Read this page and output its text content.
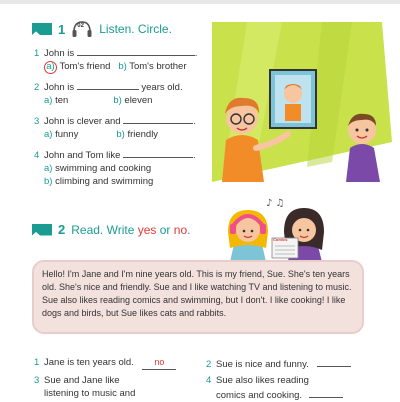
1 02 Listen. Circle.
1 John is	.
a) Tom's friend b) Tom's brother
2 John is	years old.
a) ten	b) eleven
3 John is clever and	.
a) funny	b) friendly
4 John and Tom like	.
a) swimming and cooking
b) climbing and swimming
2 Read. Write yes or no.
♪ ♫
Comics
Hello! I'm Jane and I'm nine years old. This is my friend, Sue. She's ten years old. She's nice and friendly. Sue and I like watching TV and listening to music. Sue also likes reading comics and swimming, but I don't. I like cooking! I like dogs and birds, but Sue likes cats and rabbits.
1 Jane is ten years old. no	2 Sue is nice and funny.
3 Sue and Jane like
listening to music and
4 Sue also likes reading
comics and cooking.
